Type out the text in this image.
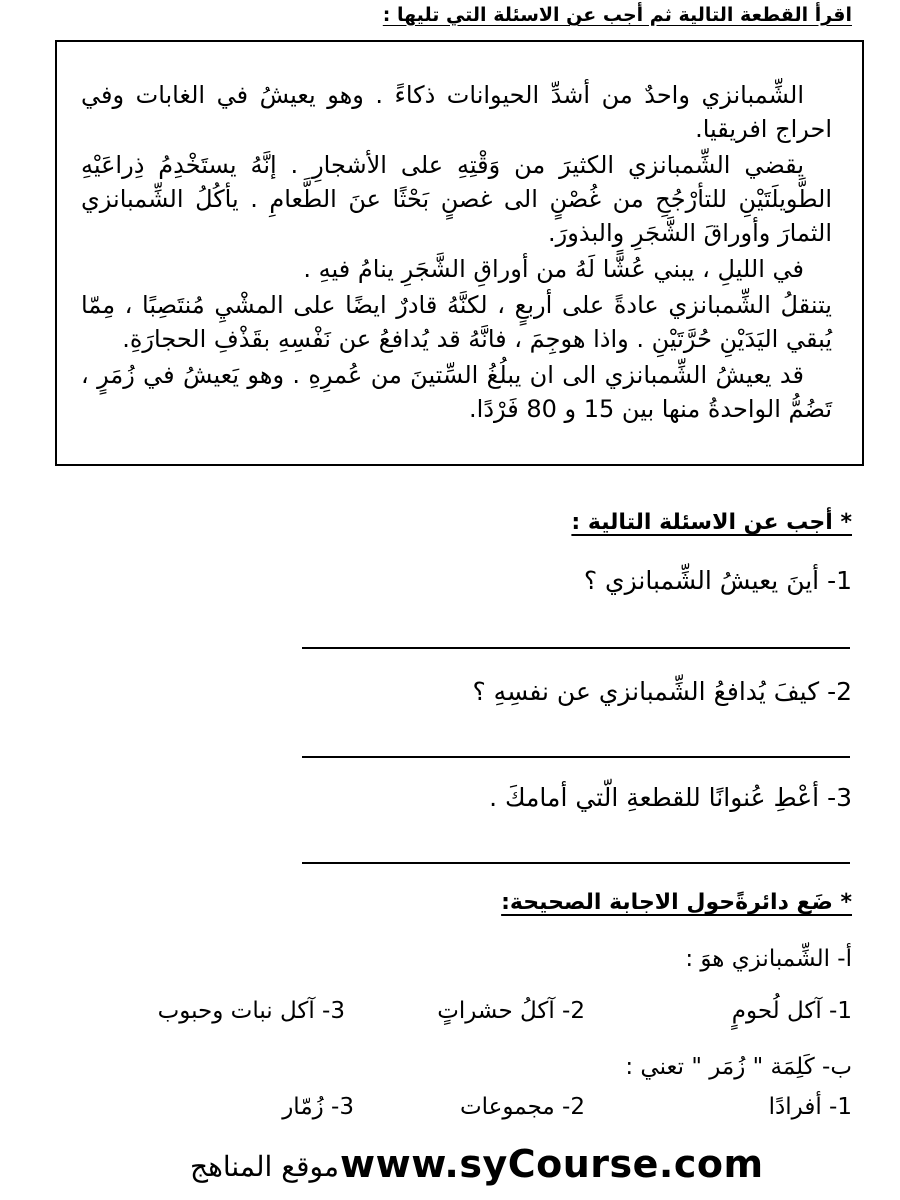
اقرأ القطعة التالية ثم أجب عن الاسئلة التي تليها :

الشِّمبانزي واحدٌ من أشدِّ الحيوانات ذكاءً . وهو يعيشُ في الغابات وفي احراج افريقيا.

يقضي الشِّمبانزي الكثيرَ من وَقْتِهِ على الأشجارِ . إنَّهُ يستَخْدِمُ ذِراعَيْهِ الطَّويلَتَيْنِ للتأرْجُحِ من غُصْنٍ الى غصنٍ بَحْثًا عنَ الطَّعامِ . يأكُلُ الشِّمبانزي الثمارَ وأوراقَ الشَّجَرِ والبذورَ.

في الليلِ ، يبني عُشًّا لَهُ من أوراقِ الشَّجَرِ ينامُ فيهِ .

يتنقلُ الشِّمبانزي عادةً على أربعٍ ، لكنَّهُ قادرٌ ايضًا على المشْيِ مُنتَصِبًا ، مِمّا يُبقي اليَدَيْنِ حُرَّتَيْنِ . واذا هوجِمَ ، فانَّهُ قد يُدافعُ عن نَفْسِهِ بقَذْفِ الحجارَةِ.

قد يعيشُ الشِّمبانزي الى ان يبلُغُ السِّتينَ من عُمرِهِ . وهو يَعيشُ في زُمَرٍ ، تَضُمُّ الواحدةُ منها بين 15 و 80 فَرْدًا.

* أجب عن الاسئلة التالية :
1- أينَ يعيشُ الشِّمبانزي ؟
2- كيفَ يُدافعُ الشِّمبانزي عن نفسِهِ ؟
3- أعْطِ عُنوانًا للقطعةِ الّتي أمامكَ .
* ضَع دائرةًحول الاجابة الصحيحة:
أ- الشِّمبانزي هوَ :
1- آكل لُحومٍ
2- آكلُ حشراتٍ
3- آكل نبات وحبوب
ب- كَلِمَة " زُمَر " تعني :
1- أفرادًا
2- مجموعات
3- زُمّار
www.syCourse.com
موقع المناهج
